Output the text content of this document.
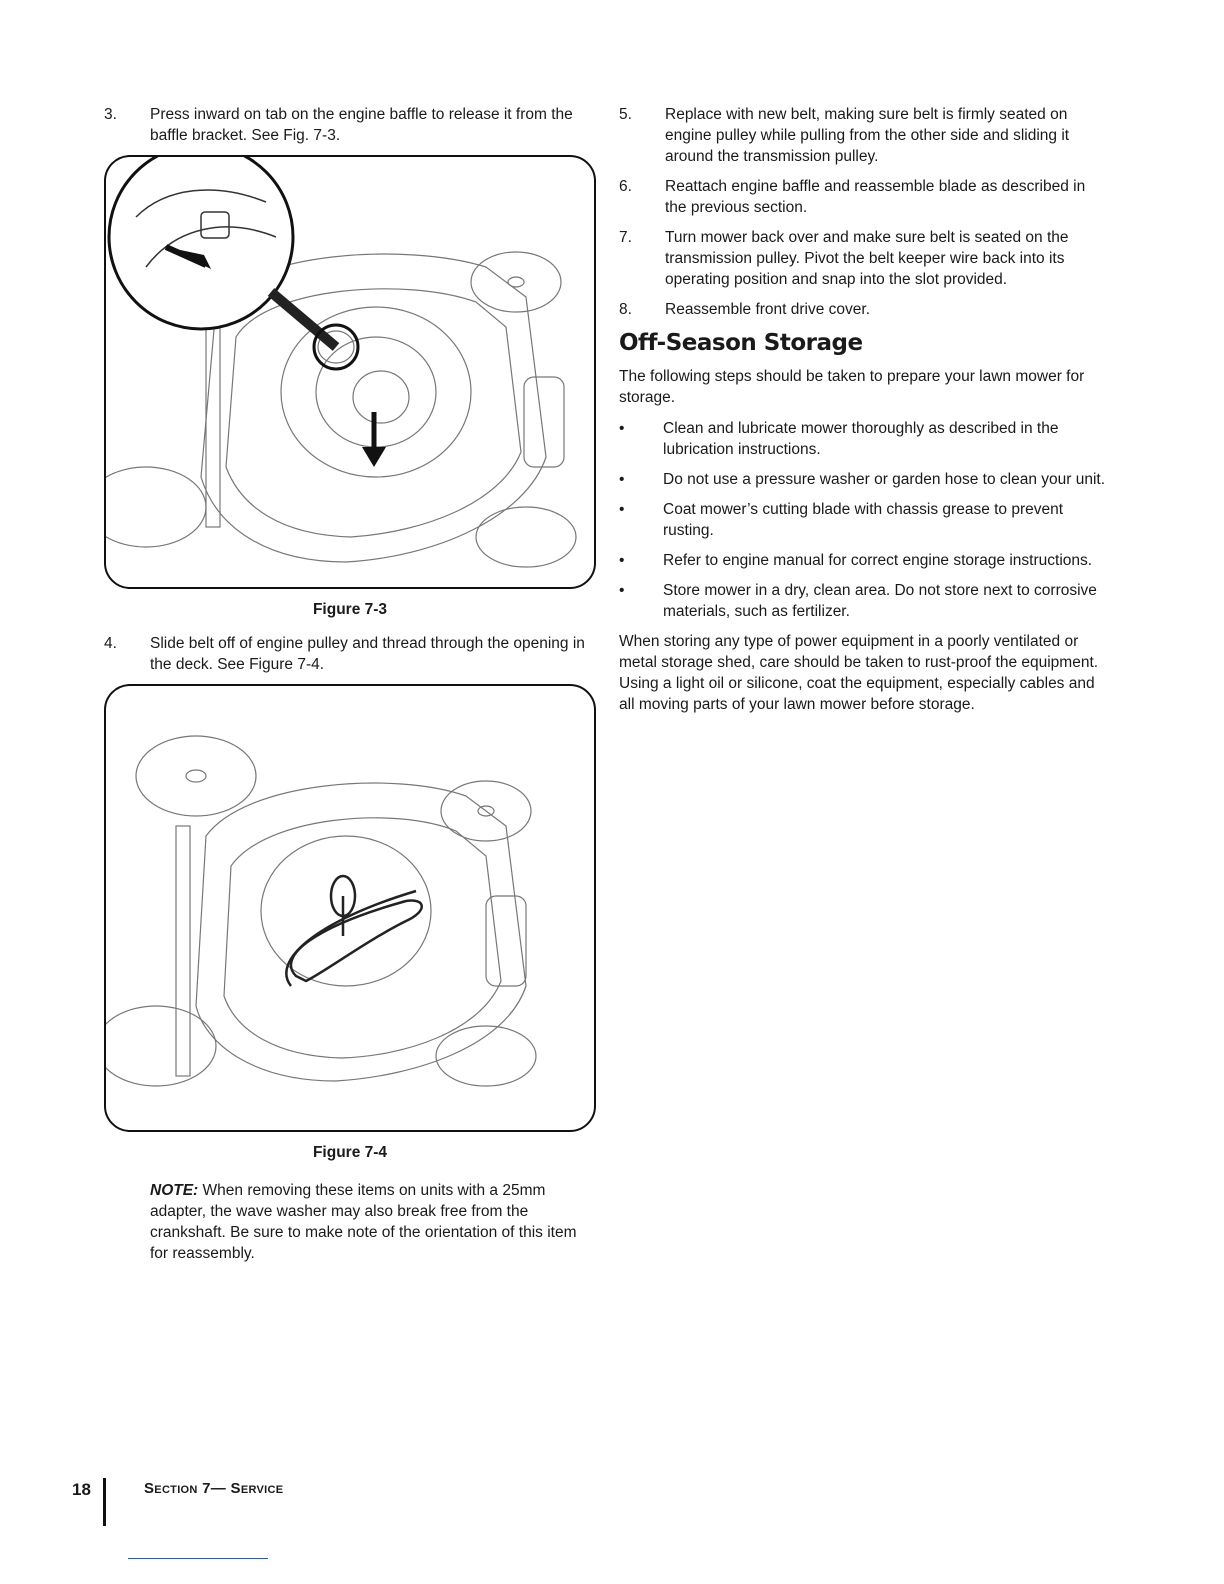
3. Press inward on tab on the engine baffle to release it from the baffle bracket. See Fig. 7-3.
Figure 7-3
4. Slide belt off of engine pulley and thread through the opening in the deck. See Figure 7-4.
Figure 7-4
NOTE: When removing these items on units with a 25mm adapter, the wave washer may also break free from the crankshaft. Be sure to make note of the orientation of this item for reassembly.
5. Replace with new belt, making sure belt is firmly seated on engine pulley while pulling from the other side and sliding it around the transmission pulley.
6. Reattach engine baffle and reassemble blade as described in the previous section.
7. Turn mower back over and make sure belt is seated on the transmission pulley. Pivot the belt keeper wire back into its operating position and snap into the slot provided.
8. Reassemble front drive cover.
Off-Season Storage

The following steps should be taken to prepare your lawn mower for storage.

• Clean and lubricate mower thoroughly as described in the lubrication instructions.
• Do not use a pressure washer or garden hose to clean your unit.
• Coat mower’s cutting blade with chassis grease to prevent rusting.
• Refer to engine manual for correct engine storage instructions.
• Store mower in a dry, clean area. Do not store next to corrosive materials, such as fertilizer.

When storing any type of power equipment in a poorly ventilated or metal storage shed, care should be taken to rust-proof the equipment. Using a light oil or silicone, coat the equipment, especially cables and all moving parts of your lawn mower before storage.

18	Section 7— Service
